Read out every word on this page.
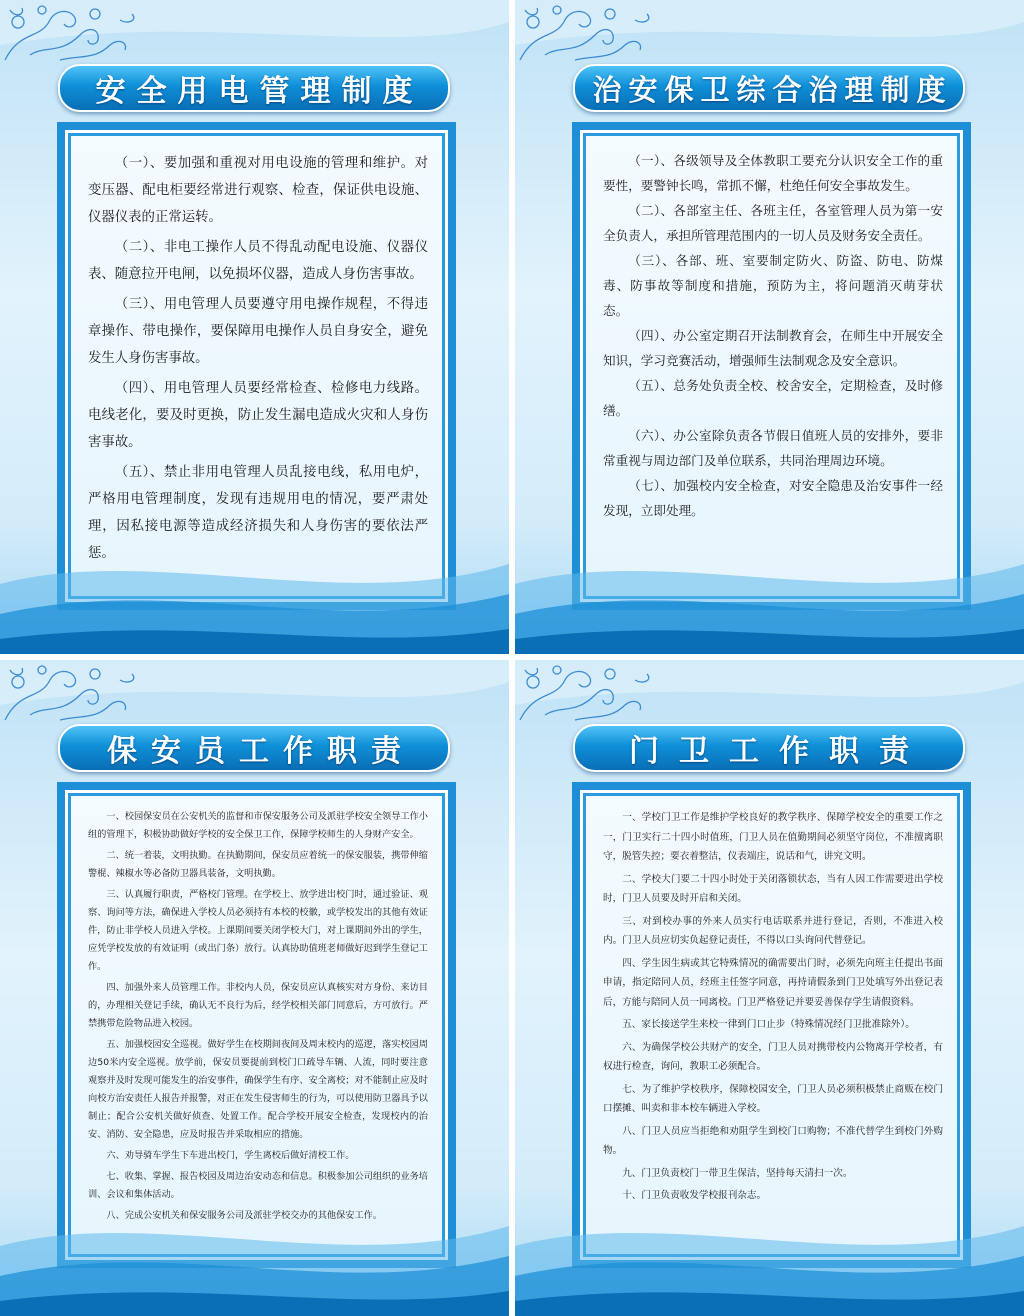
安全用电管理制度

（一）、要加强和重视对用电设施的管理和维护。对变压器、配电柜要经常进行观察、检查，保证供电设施、仪器仪表的正常运转。

（二）、非电工操作人员不得乱动配电设施、仪器仪表、随意拉开电闸，以免损坏仪器，造成人身伤害事故。

（三）、用电管理人员要遵守用电操作规程，不得违章操作、带电操作，要保障用电操作人员自身安全，避免发生人身伤害事故。

（四）、用电管理人员要经常检查、检修电力线路。电线老化，要及时更换，防止发生漏电造成火灾和人身伤害事故。

（五）、禁止非用电管理人员乱接电线，私用电炉，严格用电管理制度，发现有违规用电的情况，要严肃处理，因私接电源等造成经济损失和人身伤害的要依法严惩。

治安保卫综合治理制度

（一）、各级领导及全体教职工要充分认识安全工作的重要性，要警钟长鸣，常抓不懈，杜绝任何安全事故发生。

（二）、各部室主任、各班主任，各室管理人员为第一安全负责人，承担所管理范围内的一切人员及财务安全责任。

（三）、各部、班、室要制定防火、防盗、防电、防煤毒、防事故等制度和措施，预防为主，将问题消灭萌芽状态。

（四）、办公室定期召开法制教育会，在师生中开展安全知识，学习竞赛活动，增强师生法制观念及安全意识。

（五）、总务处负责全校、校舍安全，定期检查，及时修缮。

（六）、办公室除负责各节假日值班人员的安排外，要非常重视与周边部门及单位联系，共同治理周边环境。

（七）、加强校内安全检查，对安全隐患及治安事件一经发现，立即处理。

保安员工作职责

一、校园保安员在公安机关的监督和市保安服务公司及派驻学校安全领导工作小组的管理下，积极协助做好学校的安全保卫工作，保障学校师生的人身财产安全。

二、统一着装，文明执勤。在执勤期间，保安员应着统一的保安服装，携带伸缩警棍、辣椒水等必备防卫器具装备，文明执勤。

三、认真履行职责，严格校门管理。在学校上、放学进出校门时，通过验证、观察、询问等方法，确保进入学校人员必须持有本校的校徽，或学校发出的其他有效证件，防止非学校人员进入学校。上课期间要关闭学校大门，对上课期间外出的学生，应凭学校发放的有效证明（或出门条）放行。认真协助值班老师做好迟到学生登记工作。

四、加强外来人员管理工作。非校内人员，保安员应认真核实对方身份、来访目的，办理相关登记手续，确认无不良行为后，经学校相关部门同意后，方可放行。严禁携带危险物品进入校园。

五、加强校园安全巡视。做好学生在校期间夜间及周末校内的巡逻，落实校园周边50米内安全巡视。放学前，保安员要提前到校门口疏导车辆、人流，同时要注意观察并及时发现可能发生的治安事件，确保学生有序、安全离校；对不能制止应及时向校方治安责任人报告并报警，对正在发生侵害师生的行为，可以使用防卫器具予以制止；配合公安机关做好侦查、处置工作。配合学校开展安全检查，发现校内的治安、消防、安全隐患，应及时报告并采取相应的措施。

六、劝导骑车学生下车进出校门，学生离校后做好清校工作。

七、收集、掌握、报告校园及周边治安动态和信息。积极参加公司组织的业务培训、会议和集体活动。

八、完成公安机关和保安服务公司及派驻学校交办的其他保安工作。

门卫工作职责

一、学校门卫工作是维护学校良好的教学秩序、保障学校安全的重要工作之一，门卫实行二十四小时值班，门卫人员在值勤期间必须坚守岗位，不准擅离职守，脱管失控；要衣着整洁，仪表端庄，说话和气，讲究文明。

二、学校大门要二十四小时处于关闭落锁状态，当有人因工作需要进出学校时，门卫人员要及时开启和关闭。

三、对到校办事的外来人员实行电话联系并进行登记，否则，不准进入校内。门卫人员应切实负起登记责任，不得以口头询问代替登记。

四、学生因生病或其它特殊情况的确需要出门时，必须先向班主任提出书面申请，指定陪同人员，经班主任签字同意，再持请假条到门卫处填写外出登记表后，方能与陪同人员一同离校。门卫严格登记并要妥善保存学生请假资料。

五、家长接送学生来校一律到门口止步（特殊情况经门卫批准除外）。

六、为确保学校公共财产的安全，门卫人员对携带校内公物离开学校者，有权进行检查，询问，教职工必须配合。

七、为了维护学校秩序，保障校园安全，门卫人员必须积极禁止商贩在校门口摆摊、叫卖和非本校车辆进入学校。

八、门卫人员应当拒绝和劝阻学生到校门口购物；不准代替学生到校门外购物。

九、门卫负责校门一带卫生保洁，坚持每天清扫一次。

十、门卫负责收发学校报刊杂志。
